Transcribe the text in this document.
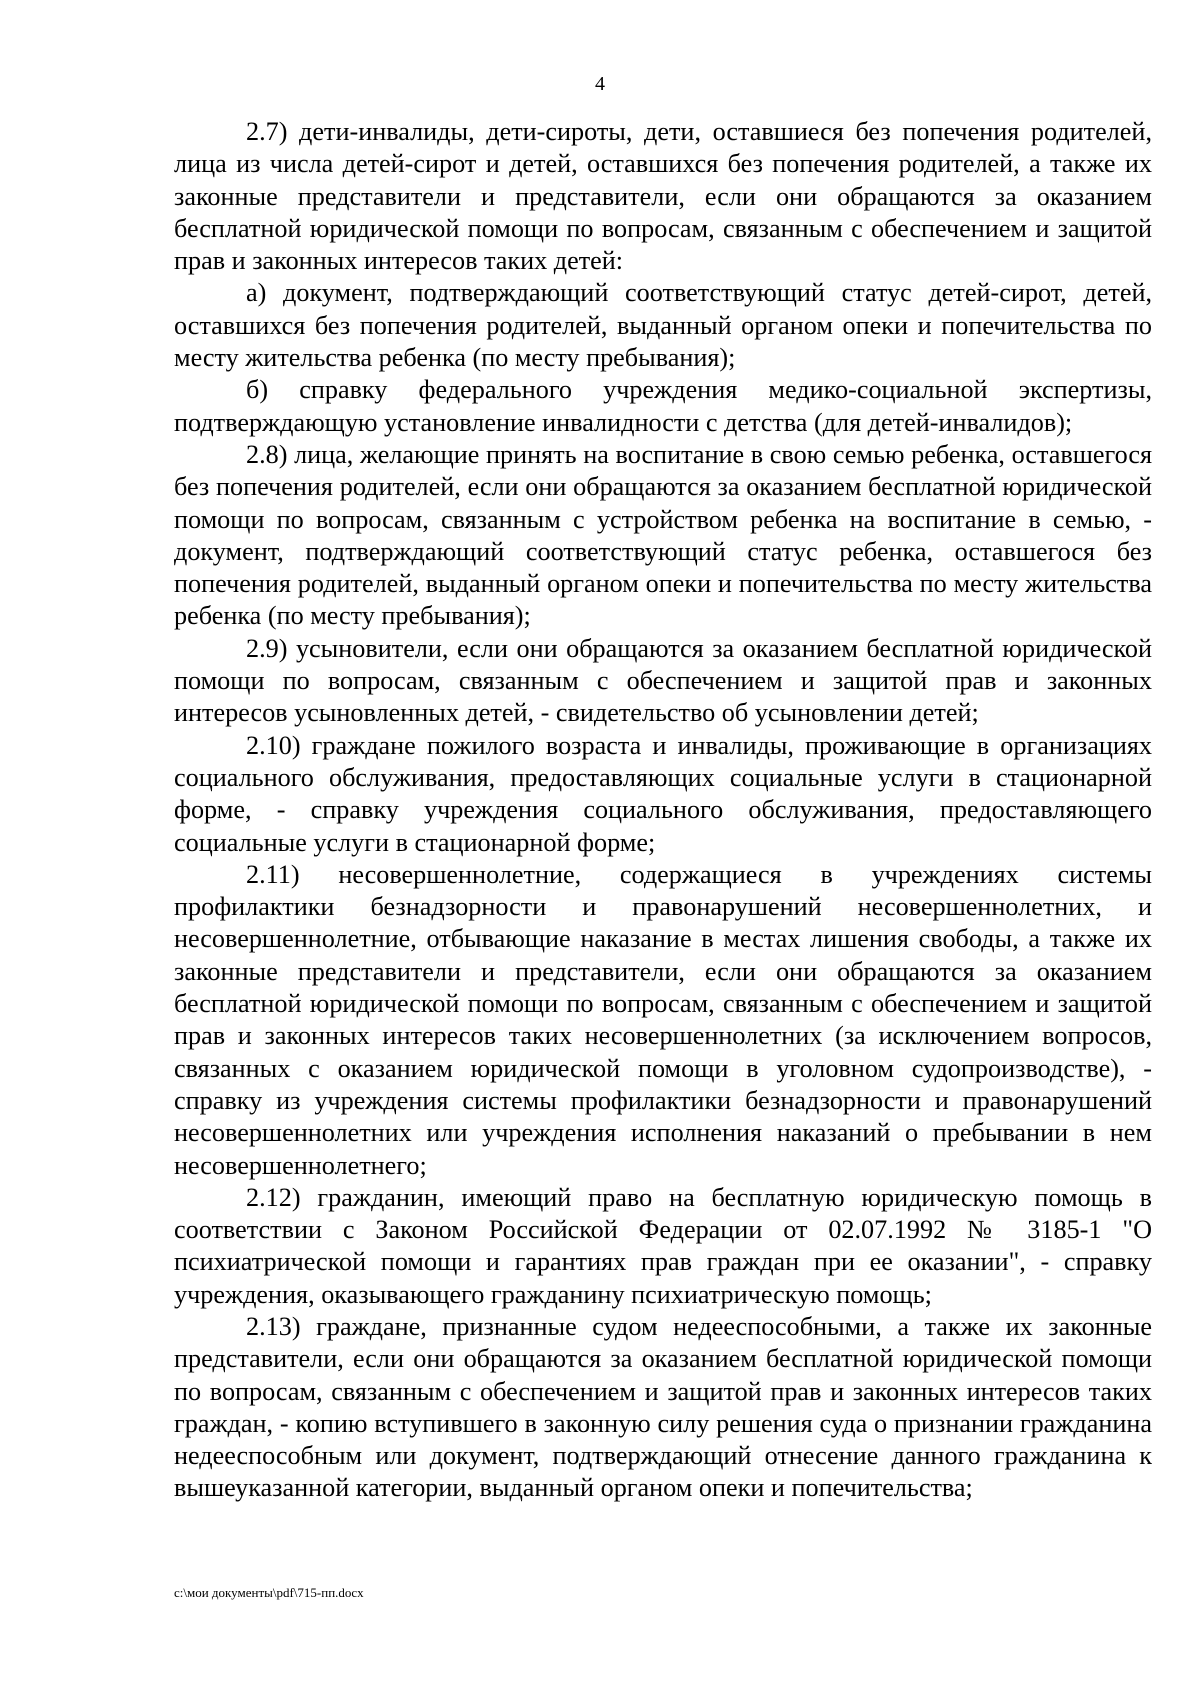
4

2.7) дети-инвалиды, дети-сироты, дети, оставшиеся без попечения родителей, лица из числа детей-сирот и детей, оставшихся без попечения родителей, а также их законные представители и представители, если они обращаются за оказанием бесплатной юридической помощи по вопросам, связанным с обеспечением и защитой прав и законных интересов таких детей:

а) документ, подтверждающий соответствующий статус детей-сирот, детей, оставшихся без попечения родителей, выданный органом опеки и попечительства по месту жительства ребенка (по месту пребывания);

б) справку федерального учреждения медико-социальной экспертизы, подтверждающую установление инвалидности с детства (для детей-инвалидов);

2.8) лица, желающие принять на воспитание в свою семью ребенка, оставшегося без попечения родителей, если они обращаются за оказанием бесплатной юридической помощи по вопросам, связанным с устройством ребенка на воспитание в семью, - документ, подтверждающий соответствующий статус ребенка, оставшегося без попечения родителей, выданный органом опеки и попечительства по месту жительства ребенка (по месту пребывания);

2.9) усыновители, если они обращаются за оказанием бесплатной юридической помощи по вопросам, связанным с обеспечением и защитой прав и законных интересов усыновленных детей, - свидетельство об усыновлении детей;

2.10) граждане пожилого возраста и инвалиды, проживающие в организациях социального обслуживания, предоставляющих социальные услуги в стационарной форме, - справку учреждения социального обслуживания, предоставляющего социальные услуги в стационарной форме;

2.11) несовершеннолетние, содержащиеся в учреждениях системы профилактики безнадзорности и правонарушений несовершеннолетних, и несовершеннолетние, отбывающие наказание в местах лишения свободы, а также их законные представители и представители, если они обращаются за оказанием бесплатной юридической помощи по вопросам, связанным с обеспечением и защитой прав и законных интересов таких несовершеннолетних (за исключением вопросов, связанных с оказанием юридической помощи в уголовном судопроизводстве), - справку из учреждения системы профилактики безнадзорности и правонарушений несовершеннолетних или учреждения исполнения наказаний о пребывании в нем несовершеннолетнего;

2.12) гражданин, имеющий право на бесплатную юридическую помощь в соответствии с Законом Российской Федерации от 02.07.1992 № 3185-1 "О психиатрической помощи и гарантиях прав граждан при ее оказании", - справку учреждения, оказывающего гражданину психиатрическую помощь;

2.13) граждане, признанные судом недееспособными, а также их законные представители, если они обращаются за оказанием бесплатной юридической помощи по вопросам, связанным с обеспечением и защитой прав и законных интересов таких граждан, - копию вступившего в законную силу решения суда о признании гражданина недееспособным или документ, подтверждающий отнесение данного гражданина к вышеуказанной категории, выданный органом опеки и попечительства;

c:\мои документы\pdf\715-пп.docx
